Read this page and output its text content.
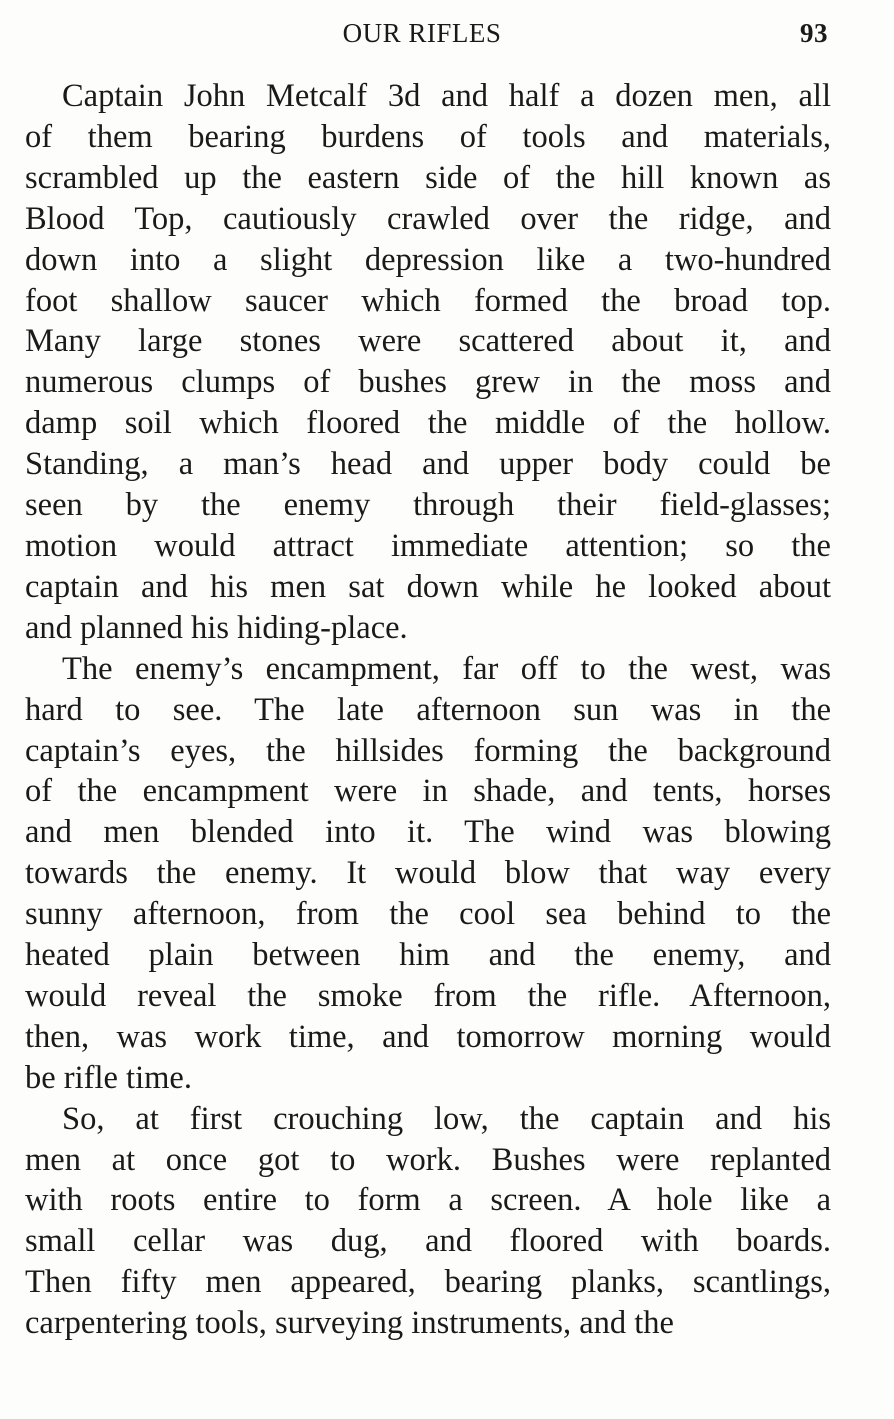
OUR RIFLES	93
Captain John Metcalf 3d and half a dozen men, all
of them bearing burdens of tools and materials,
scrambled up the eastern side of the hill known as
Blood Top, cautiously crawled over the ridge, and
down into a slight depression like a two-hundred
foot shallow saucer which formed the broad top.
Many large stones were scattered about it, and
numerous clumps of bushes grew in the moss and
damp soil which floored the middle of the hollow.
Standing, a man’s head and upper body could be
seen by the enemy through their field-glasses;
motion would attract immediate attention; so the
captain and his men sat down while he looked about
and planned his hiding-place.
The enemy’s encampment, far off to the west, was
hard to see. The late afternoon sun was in the
captain’s eyes, the hillsides forming the background
of the encampment were in shade, and tents, horses
and men blended into it. The wind was blowing
towards the enemy. It would blow that way every
sunny afternoon, from the cool sea behind to the
heated plain between him and the enemy, and
would reveal the smoke from the rifle. Afternoon,
then, was work time, and tomorrow morning would
be rifle time.
So, at first crouching low, the captain and his
men at once got to work. Bushes were replanted
with roots entire to form a screen. A hole like a
small cellar was dug, and floored with boards.
Then fifty men appeared, bearing planks, scantlings,
carpentering tools, surveying instruments, and the
